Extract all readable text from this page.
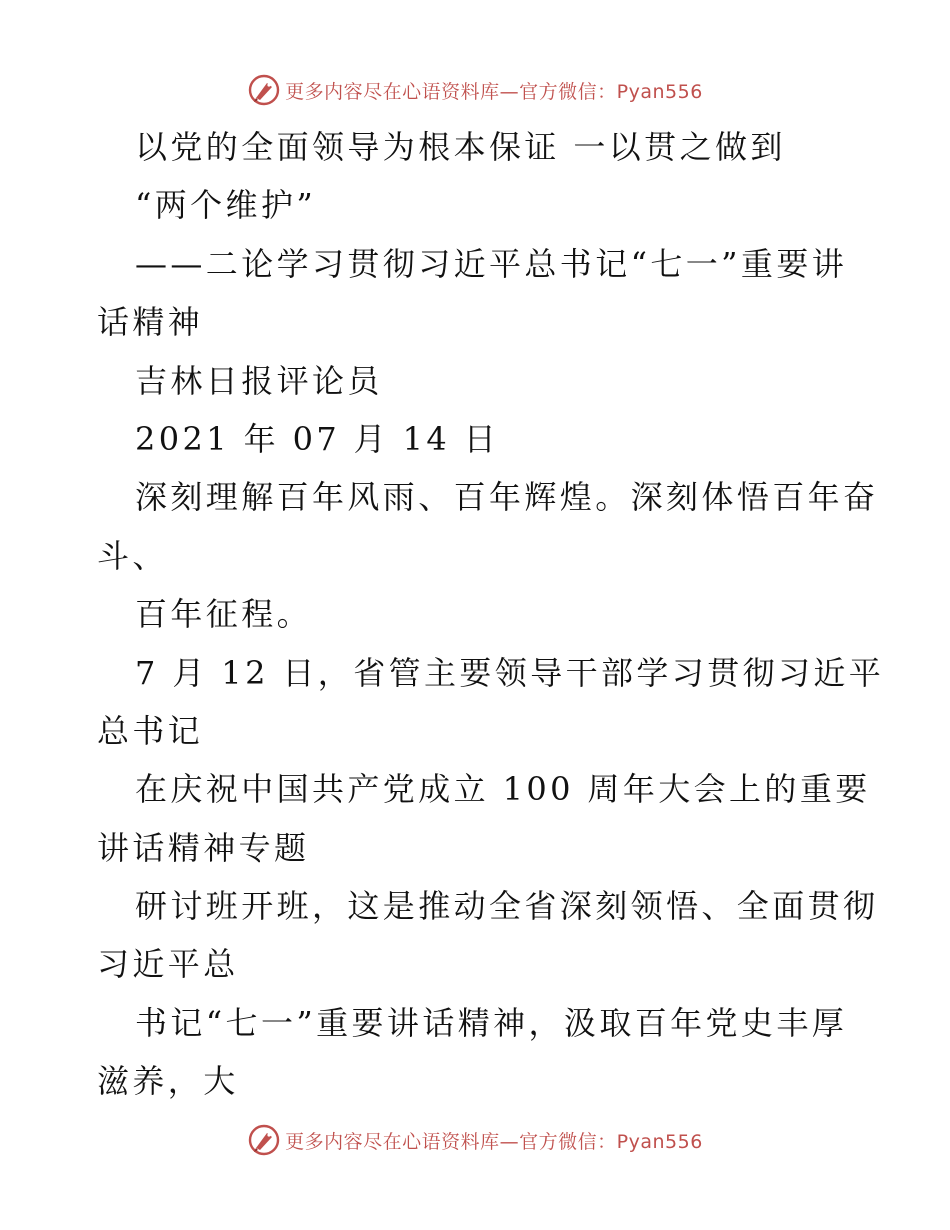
更多内容尽在心语资料库—官方微信：Pyan556
以党的全面领导为根本保证 一以贯之做到
“两个维护”
——二论学习贯彻习近平总书记“七一”重要讲
话精神
吉林日报评论员
2021 年 07 月 14 日
深刻理解百年风雨、百年辉煌。深刻体悟百年奋
斗、
百年征程。
7 月 12 日，省管主要领导干部学习贯彻习近平
总书记
在庆祝中国共产党成立 100 周年大会上的重要
讲话精神专题
研讨班开班，这是推动全省深刻领悟、全面贯彻
习近平总
书记“七一”重要讲话精神，汲取百年党史丰厚
滋养，大
更多内容尽在心语资料库—官方微信：Pyan556
